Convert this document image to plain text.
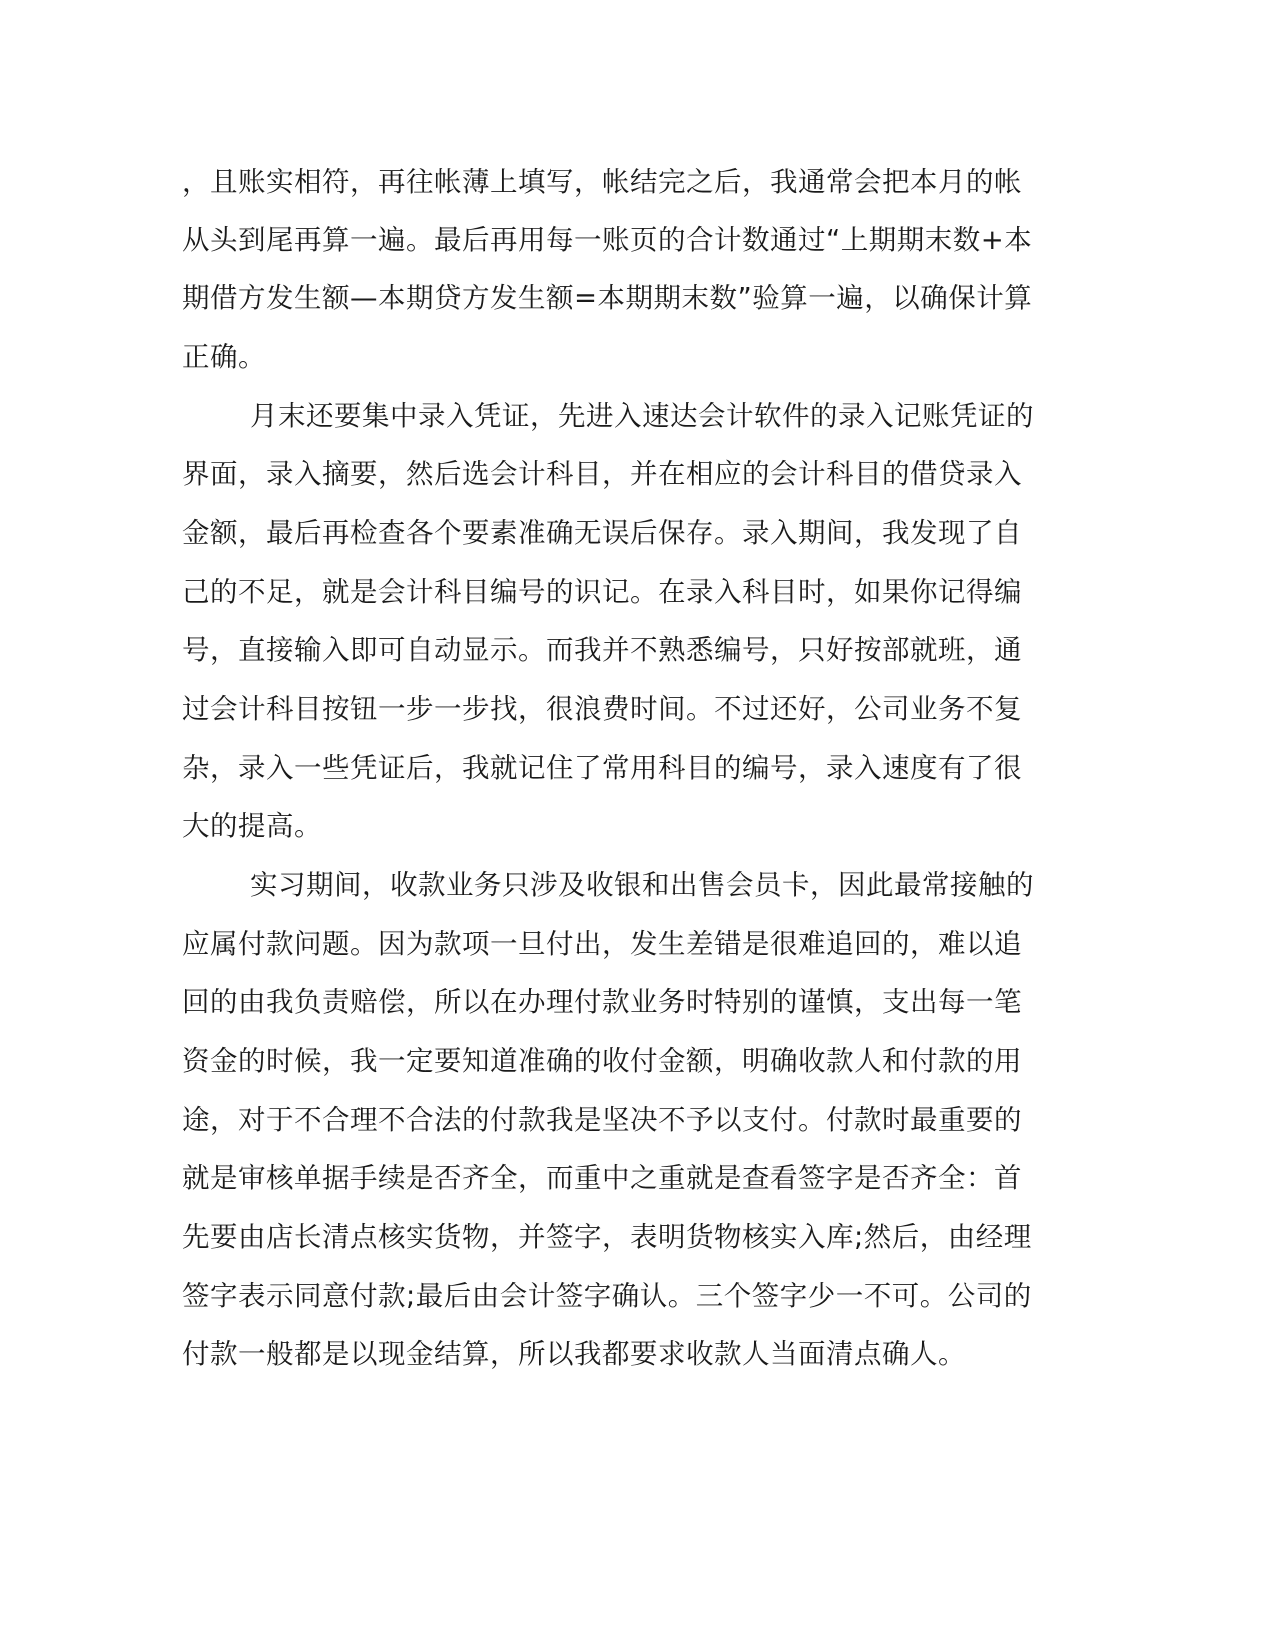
，且账实相符，再往帐薄上填写，帐结完之后，我通常会把本月的帐
从头到尾再算一遍。最后再用每一账页的合计数通过“上期期末数+本
期借方发生额—本期贷方发生额=本期期末数”验算一遍，以确保计算
正确。
月末还要集中录入凭证，先进入速达会计软件的录入记账凭证的
界面，录入摘要，然后选会计科目，并在相应的会计科目的借贷录入
金额，最后再检查各个要素准确无误后保存。录入期间，我发现了自
己的不足，就是会计科目编号的识记。在录入科目时，如果你记得编
号，直接输入即可自动显示。而我并不熟悉编号，只好按部就班，通
过会计科目按钮一步一步找，很浪费时间。不过还好，公司业务不复
杂，录入一些凭证后，我就记住了常用科目的编号，录入速度有了很
大的提高。
实习期间，收款业务只涉及收银和出售会员卡，因此最常接触的
应属付款问题。因为款项一旦付出，发生差错是很难追回的，难以追
回的由我负责赔偿，所以在办理付款业务时特别的谨慎，支出每一笔
资金的时候，我一定要知道准确的收付金额，明确收款人和付款的用
途，对于不合理不合法的付款我是坚决不予以支付。付款时最重要的
就是审核单据手续是否齐全，而重中之重就是查看签字是否齐全：首
先要由店长清点核实货物，并签字，表明货物核实入库;然后，由经理
签字表示同意付款;最后由会计签字确认。三个签字少一不可。公司的
付款一般都是以现金结算，所以我都要求收款人当面清点确人。
